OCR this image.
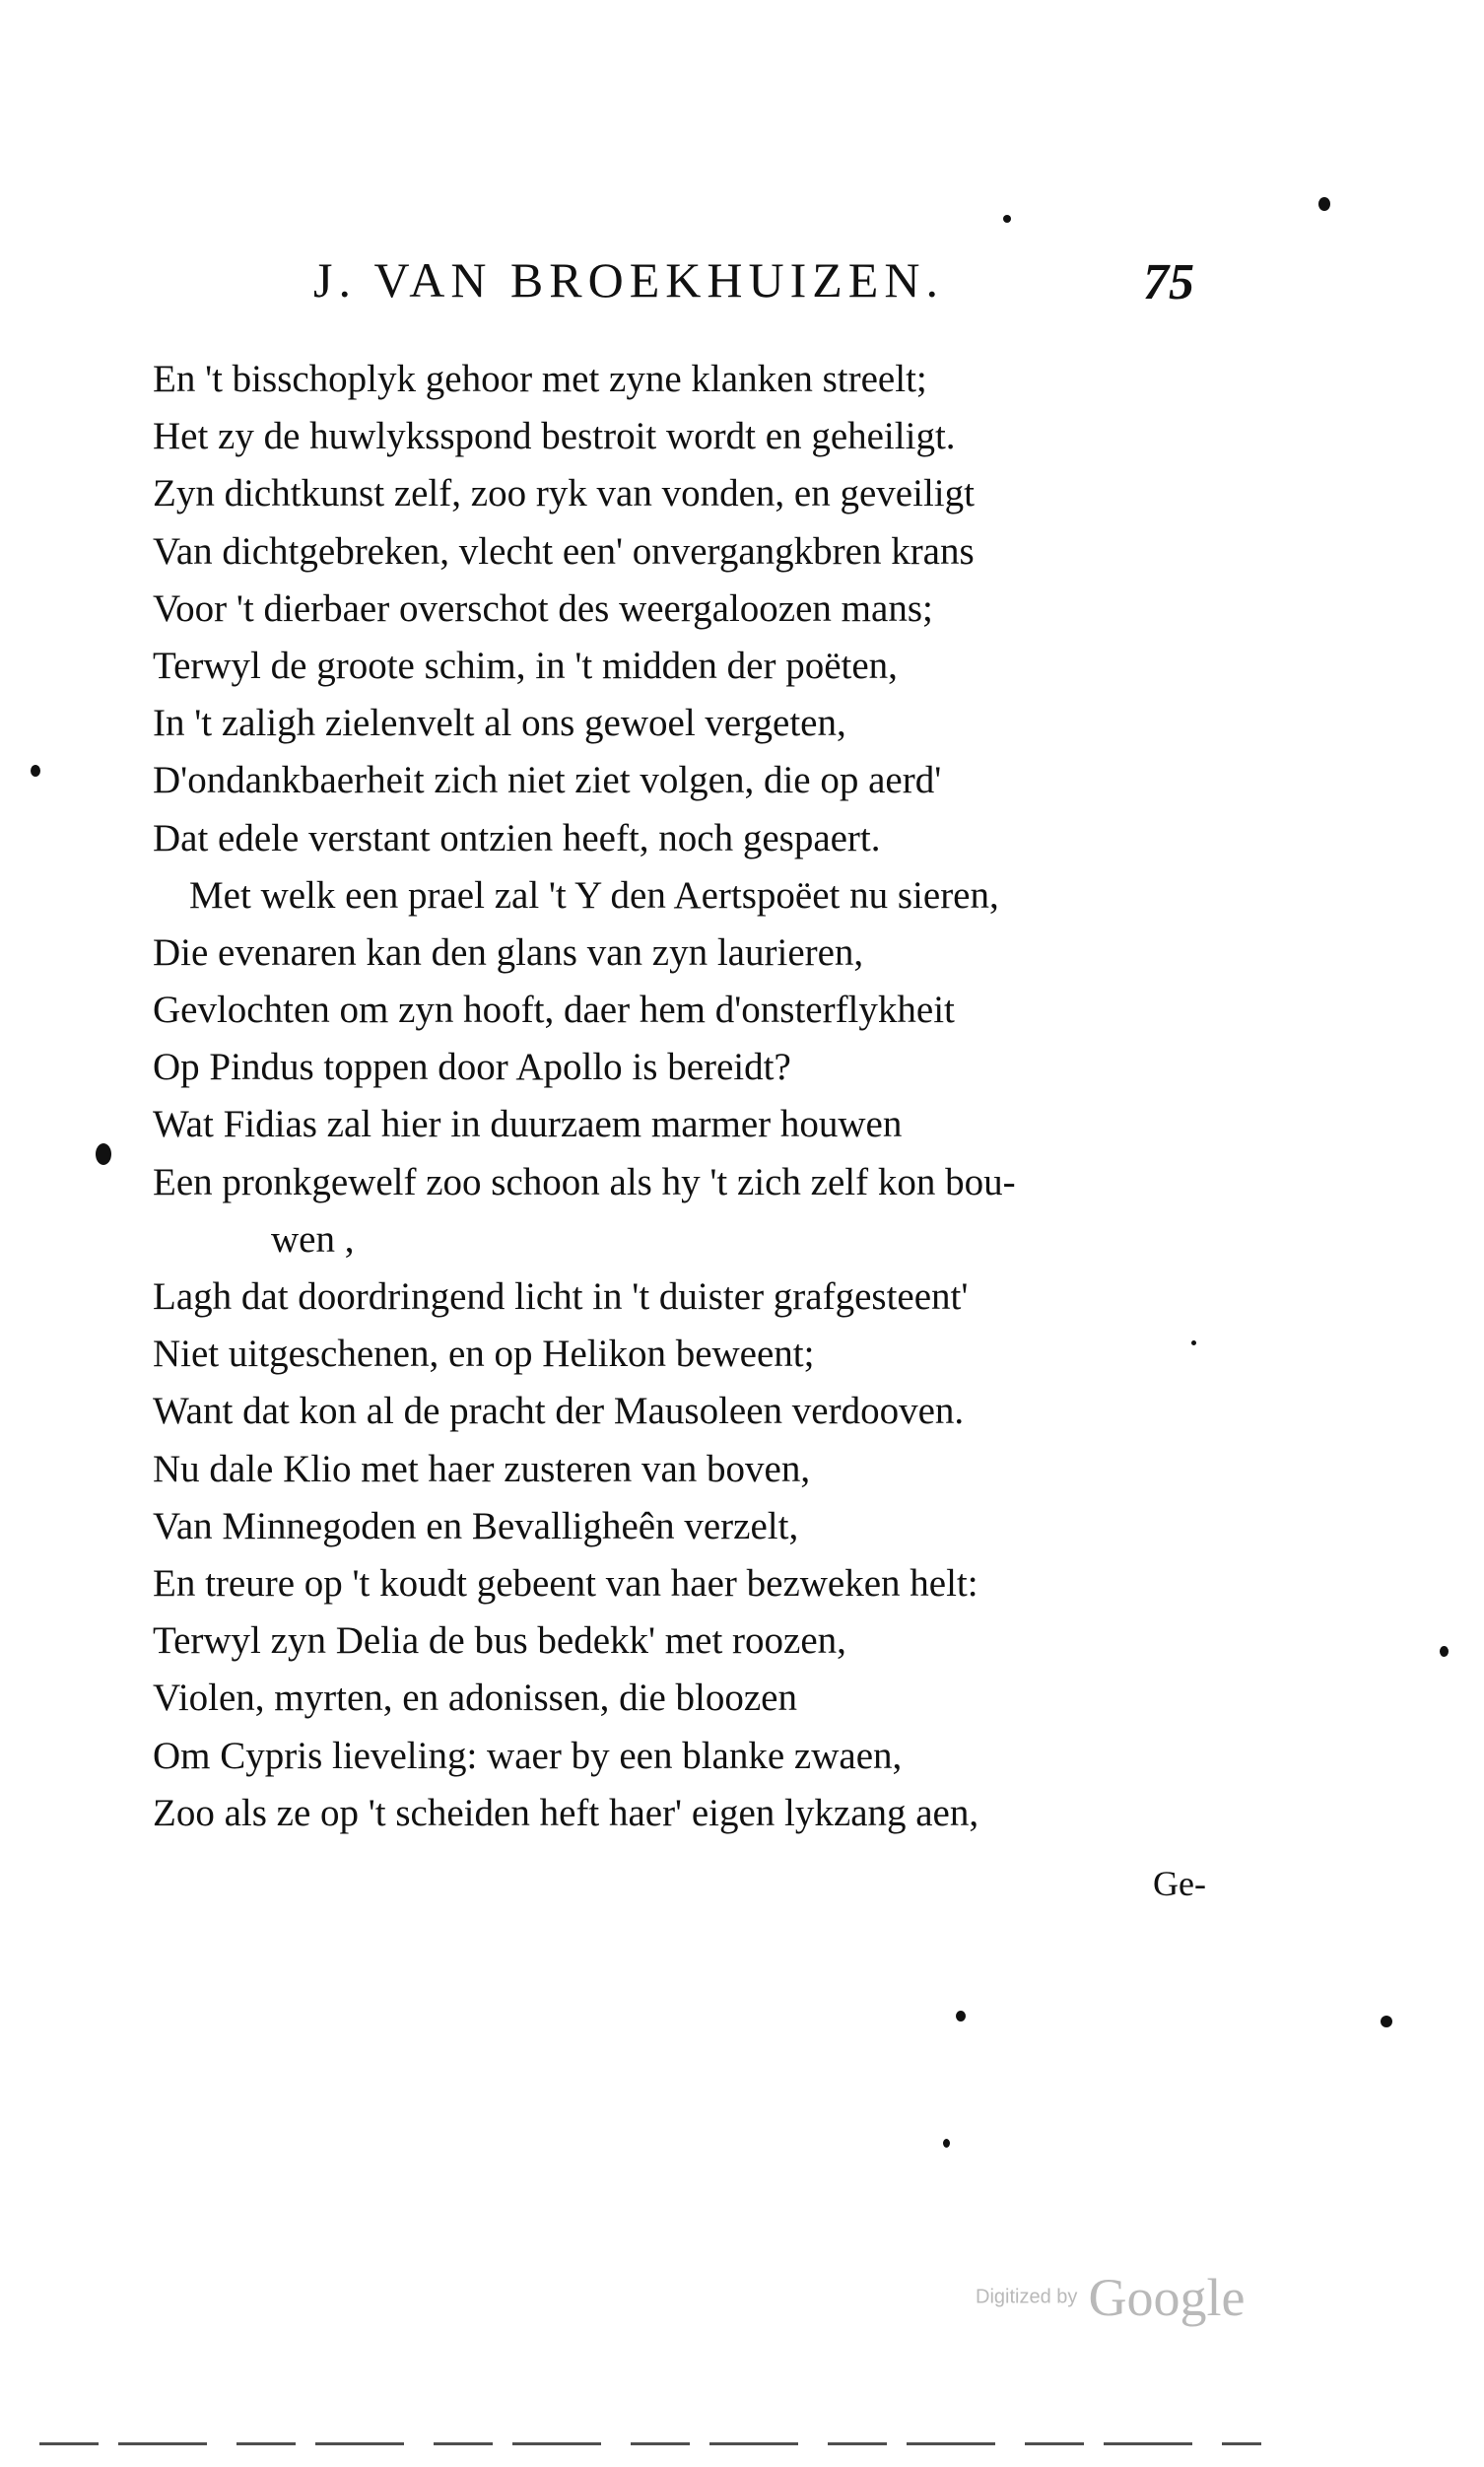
J. VAN BROEKHUIZEN.	75
En 't bisschoplyk gehoor met zyne klanken streelt;
Het zy de huwlyksspond bestroit wordt en geheiligt.
Zyn dichtkunst zelf, zoo ryk van vonden, en geveiligt
Van dichtgebreken, vlecht een' onvergangkbren krans
Voor 't dierbaer overschot des weergaloozen mans;
Terwyl de groote schim, in 't midden der poëten,
In 't zaligh zielenvelt al ons gewoel vergeten,
D'ondankbaerheit zich niet ziet volgen, die op aerd'
Dat edele verstant ontzien heeft, noch gespaert.
Met welk een prael zal 't Y den Aertspoëet nu sieren,
Die evenaren kan den glans van zyn laurieren,
Gevlochten om zyn hooft, daer hem d'onsterflykheit
Op Pindus toppen door Apollo is bereidt?
Wat Fidias zal hier in duurzaem marmer houwen
Een pronkgewelf zoo schoon als hy 't zich zelf kon bou-
wen ,
Lagh dat doordringend licht in 't duister grafgesteent'
Niet uitgeschenen, en op Helikon beweent;
Want dat kon al de pracht der Mausoleen verdooven.
Nu dale Klio met haer zusteren van boven,
Van Minnegoden en Bevalligheên verzelt,
En treure op 't koudt gebeent van haer bezweken helt:
Terwyl zyn Delia de bus bedekk' met roozen,
Violen, myrten, en adonissen, die bloozen
Om Cypris lieveling: waer by een blanke zwaen,
Zoo als ze op 't scheiden heft haer' eigen lykzang aen,
Ge-
Digitized by Google
